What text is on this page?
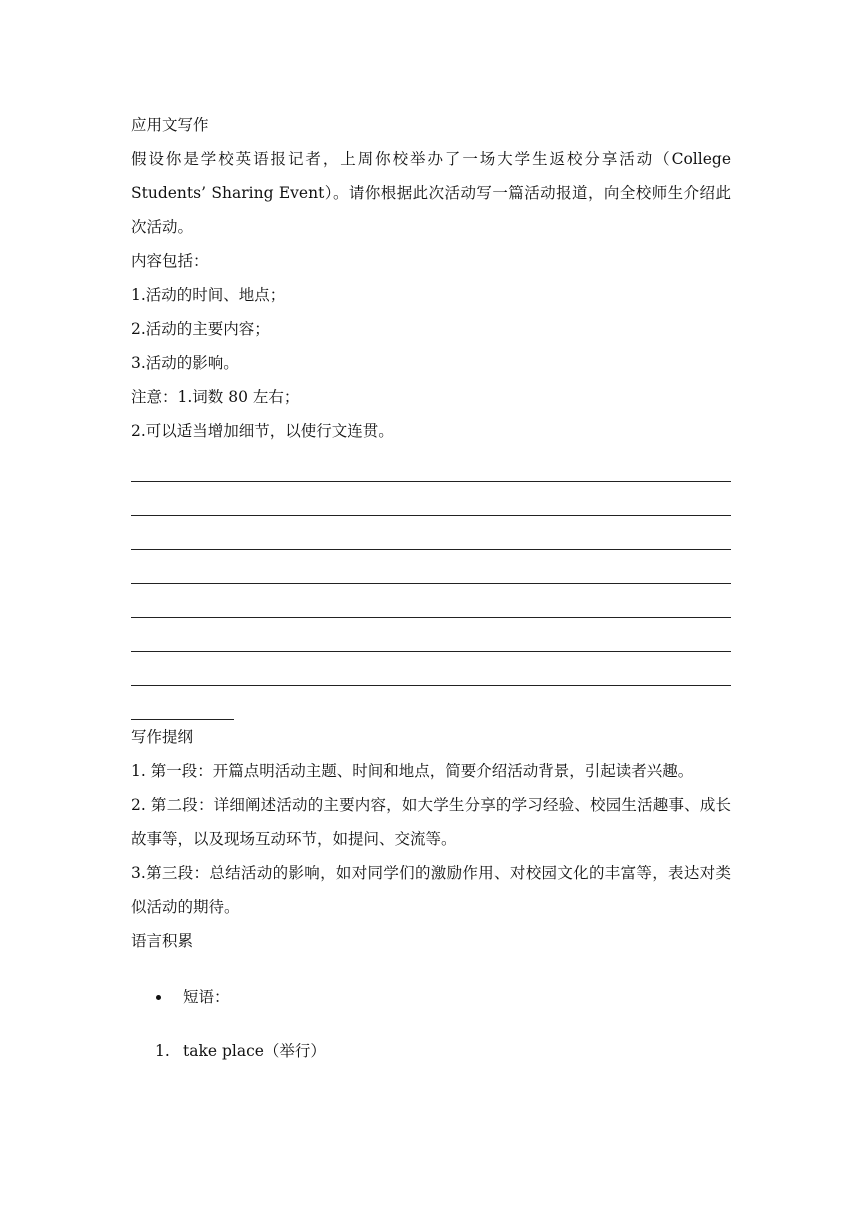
应用文写作
假设你是学校英语报记者，上周你校举办了一场大学生返校分享活动（College Students’ Sharing Event）。请你根据此次活动写一篇活动报道，向全校师生介绍此次活动。
内容包括：
1.活动的时间、地点；
2.活动的主要内容；
3.活动的影响。
注意：1.词数 80 左右；
2.可以适当增加细节，以使行文连贯。
写作提纲
1. 第一段：开篇点明活动主题、时间和地点，简要介绍活动背景，引起读者兴趣。
2. 第二段：详细阐述活动的主要内容，如大学生分享的学习经验、校园生活趣事、成长故事等，以及现场互动环节，如提问、交流等。
3.第三段：总结活动的影响，如对同学们的激励作用、对校园文化的丰富等，表达对类似活动的期待。
语言积累
短语：
1. take place（举行）
